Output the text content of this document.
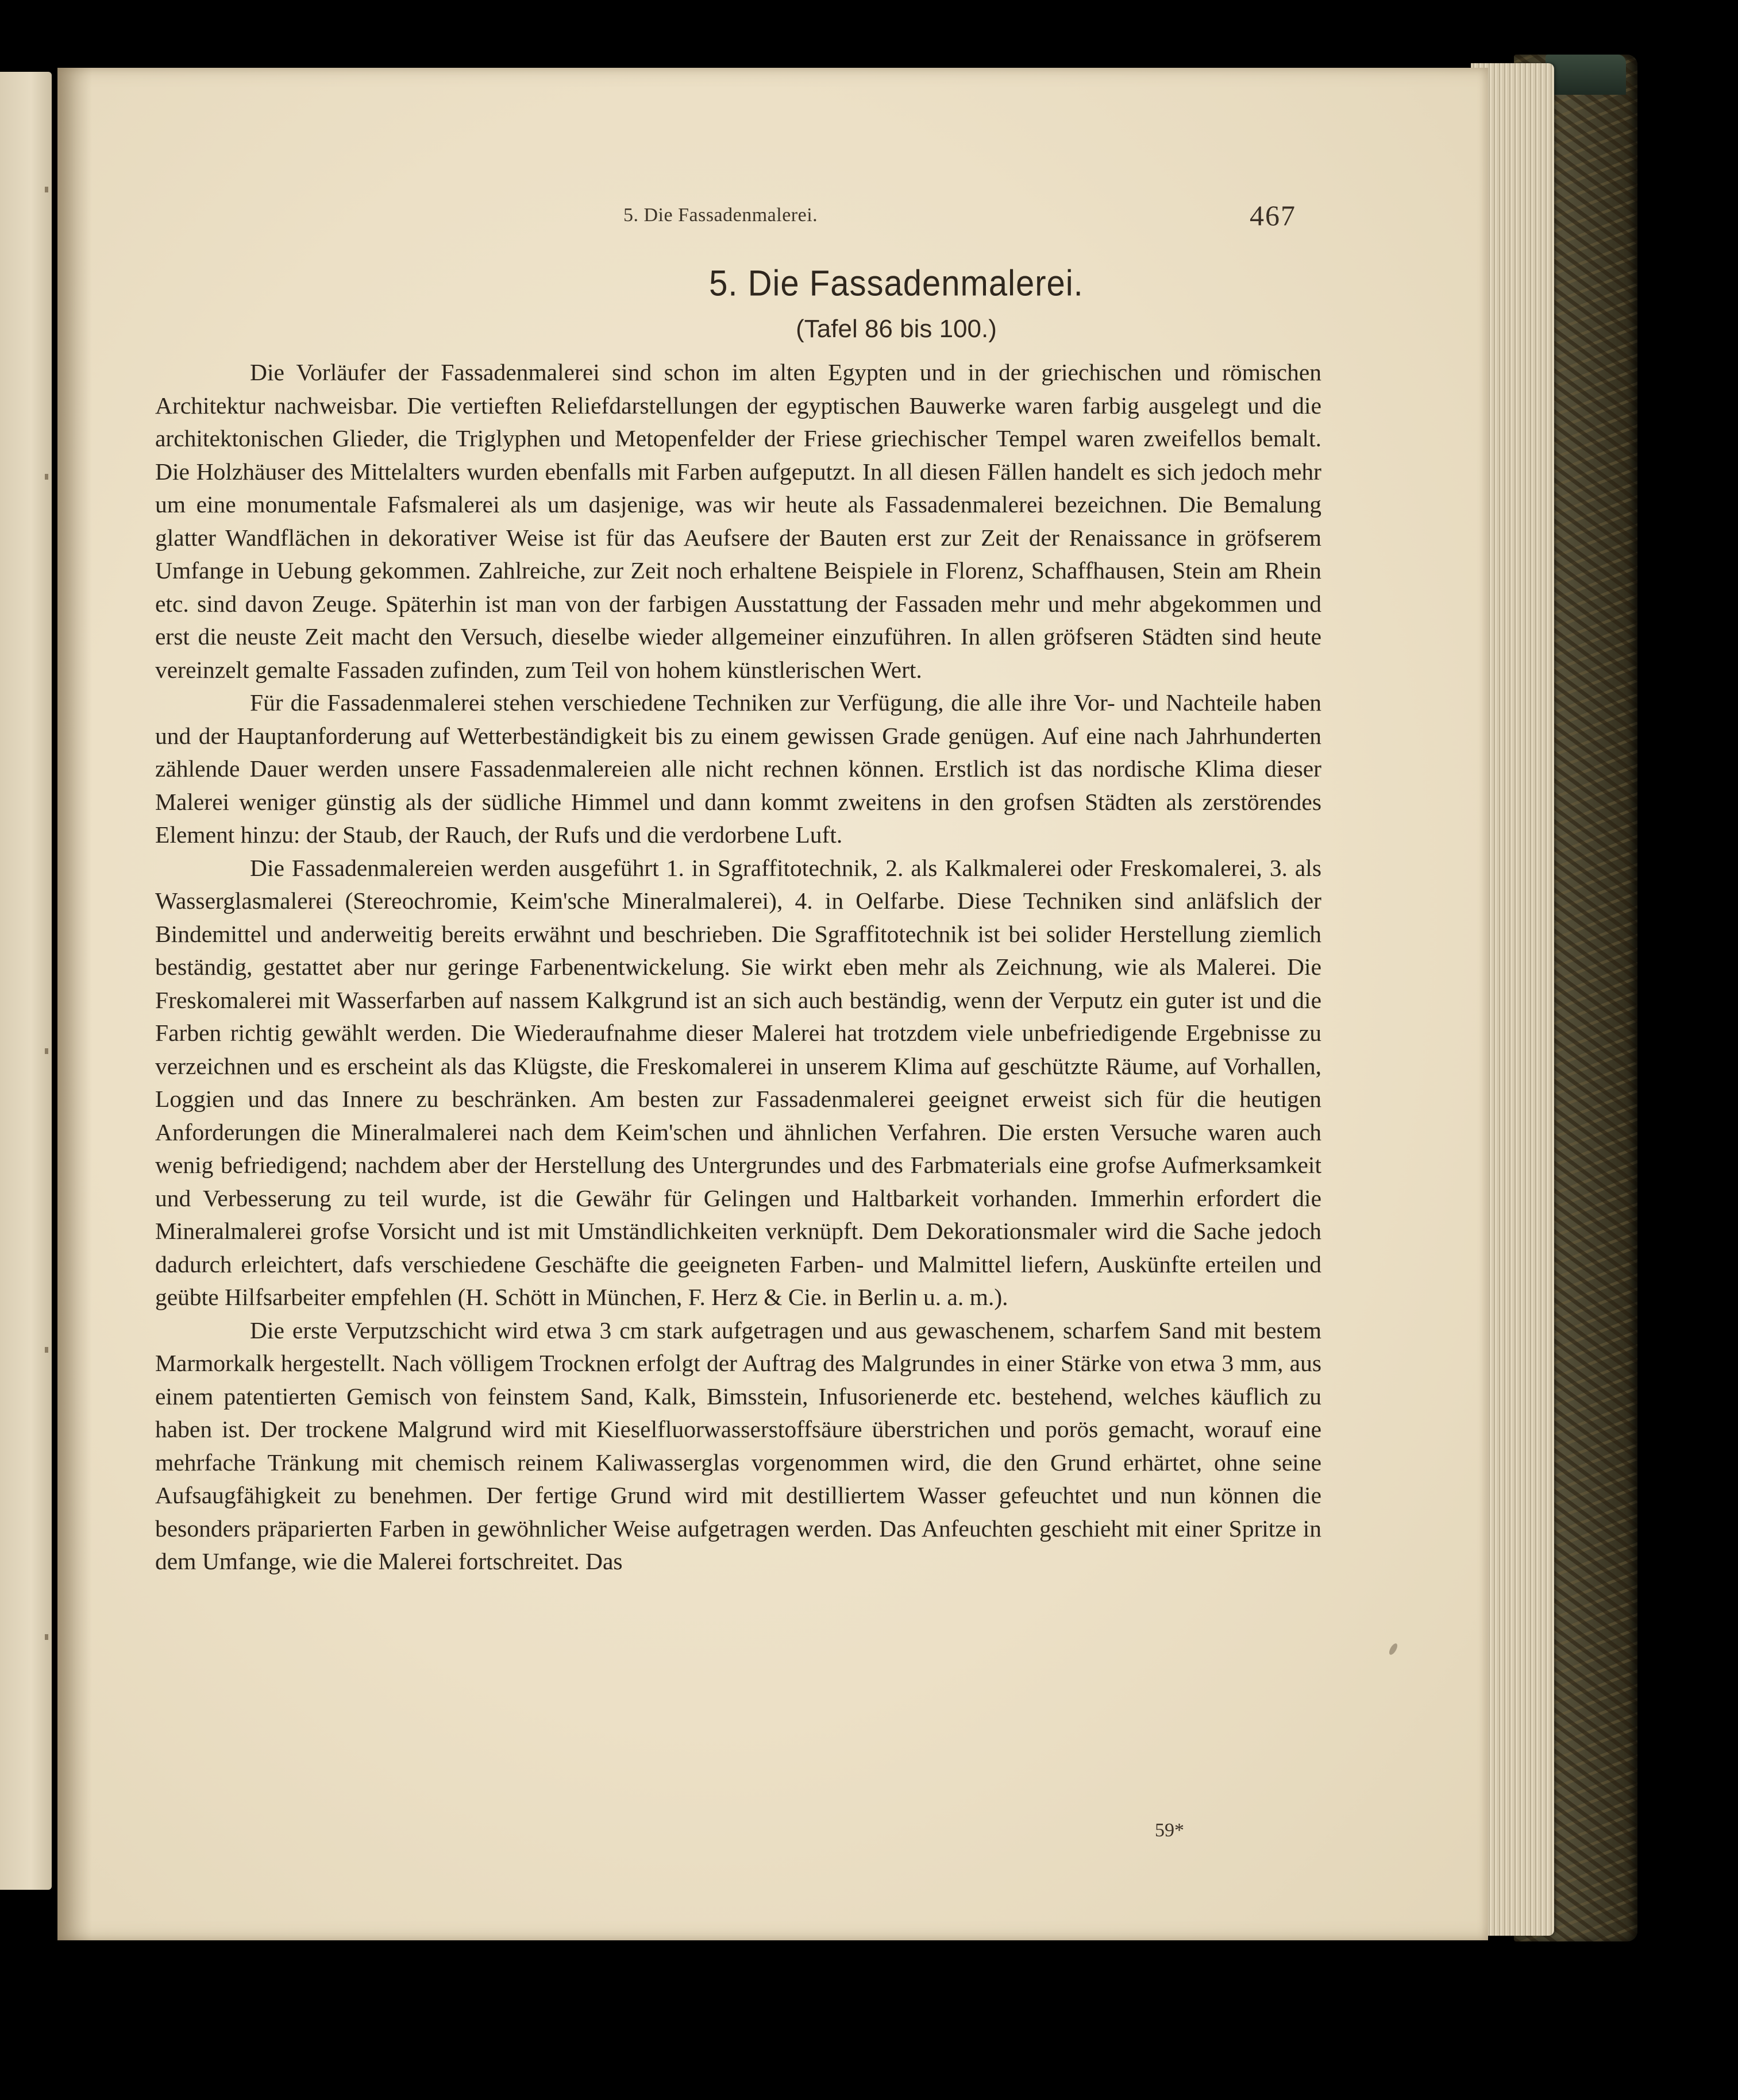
5. Die Fassadenmalerei.	467
5. Die Fassadenmalerei.
(Tafel 86 bis 100.)

Die Vorläufer der Fassadenmalerei sind schon im alten Egypten und in der griechischen und römischen Architektur nachweisbar. Die vertieften Reliefdarstellungen der egyptischen Bauwerke waren farbig ausgelegt und die architektonischen Glieder, die Triglyphen und Metopenfelder der Friese griechischer Tempel waren zweifellos bemalt. Die Holzhäuser des Mittelalters wurden ebenfalls mit Farben aufgeputzt. In all diesen Fällen handelt es sich jedoch mehr um eine monumentale Fafsmalerei als um dasjenige, was wir heute als Fassadenmalerei bezeichnen. Die Bemalung glatter Wandflächen in dekorativer Weise ist für das Aeufsere der Bauten erst zur Zeit der Renaissance in gröfserem Umfange in Uebung gekommen. Zahlreiche, zur Zeit noch erhaltene Beispiele in Florenz, Schaffhausen, Stein am Rhein etc. sind davon Zeuge. Späterhin ist man von der farbigen Ausstattung der Fassaden mehr und mehr abgekommen und erst die neuste Zeit macht den Versuch, dieselbe wieder allgemeiner einzuführen. In allen gröfseren Städten sind heute vereinzelt gemalte Fassaden zufinden, zum Teil von hohem künstlerischen Wert.

Für die Fassadenmalerei stehen verschiedene Techniken zur Verfügung, die alle ihre Vor- und Nachteile haben und der Hauptanforderung auf Wetterbeständigkeit bis zu einem gewissen Grade genügen. Auf eine nach Jahrhunderten zählende Dauer werden unsere Fassadenmalereien alle nicht rechnen können. Erstlich ist das nordische Klima dieser Malerei weniger günstig als der südliche Himmel und dann kommt zweitens in den grofsen Städten als zerstörendes Element hinzu: der Staub, der Rauch, der Rufs und die verdorbene Luft.

Die Fassadenmalereien werden ausgeführt 1. in Sgraffitotechnik, 2. als Kalkmalerei oder Freskomalerei, 3. als Wasserglasmalerei (Stereochromie, Keim'sche Mineralmalerei), 4. in Oelfarbe. Diese Techniken sind anläfslich der Bindemittel und anderweitig bereits erwähnt und beschrieben. Die Sgraffitotechnik ist bei solider Herstellung ziemlich beständig, gestattet aber nur geringe Farbenentwickelung. Sie wirkt eben mehr als Zeichnung, wie als Malerei. Die Freskomalerei mit Wasserfarben auf nassem Kalkgrund ist an sich auch beständig, wenn der Verputz ein guter ist und die Farben richtig gewählt werden. Die Wiederaufnahme dieser Malerei hat trotzdem viele unbefriedigende Ergebnisse zu verzeichnen und es erscheint als das Klügste, die Freskomalerei in unserem Klima auf geschützte Räume, auf Vorhallen, Loggien und das Innere zu beschränken. Am besten zur Fassadenmalerei geeignet erweist sich für die heutigen Anforderungen die Mineralmalerei nach dem Keim'schen und ähnlichen Verfahren. Die ersten Versuche waren auch wenig befriedigend; nachdem aber der Herstellung des Untergrundes und des Farbmaterials eine grofse Aufmerksamkeit und Verbesserung zu teil wurde, ist die Gewähr für Gelingen und Haltbarkeit vorhanden. Immerhin erfordert die Mineralmalerei grofse Vorsicht und ist mit Umständlichkeiten verknüpft. Dem Dekorationsmaler wird die Sache jedoch dadurch erleichtert, dafs verschiedene Geschäfte die geeigneten Farben- und Malmittel liefern, Auskünfte erteilen und geübte Hilfsarbeiter empfehlen (H. Schött in München, F. Herz & Cie. in Berlin u. a. m.).

Die erste Verputzschicht wird etwa 3 cm stark aufgetragen und aus gewaschenem, scharfem Sand mit bestem Marmorkalk hergestellt. Nach völligem Trocknen erfolgt der Auftrag des Malgrundes in einer Stärke von etwa 3 mm, aus einem patentierten Gemisch von feinstem Sand, Kalk, Bimsstein, Infusorienerde etc. bestehend, welches käuflich zu haben ist. Der trockene Malgrund wird mit Kieselfluorwasserstoffsäure überstrichen und porös gemacht, worauf eine mehrfache Tränkung mit chemisch reinem Kaliwasserglas vorgenommen wird, die den Grund erhärtet, ohne seine Aufsaugfähigkeit zu benehmen. Der fertige Grund wird mit destilliertem Wasser gefeuchtet und nun können die besonders präparierten Farben in gewöhnlicher Weise aufgetragen werden. Das Anfeuchten geschieht mit einer Spritze in dem Umfange, wie die Malerei fortschreitet. Das

59*
